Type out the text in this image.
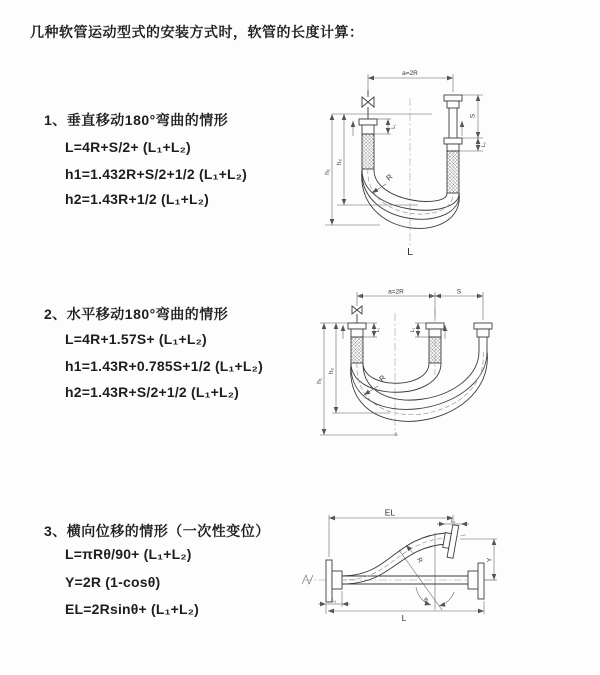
几种软管运动型式的安装方式时，软管的长度计算：
1、垂直移动180°弯曲的情形
L=4R+S/2+ (L₁+L₂)
h1=1.432R+S/2+1/2 (L₁+L₂)
h2=1.43R+1/2 (L₁+L₂)
2、水平移动180°弯曲的情形
L=4R+1.57S+ (L₁+L₂)
h1=1.43R+0.785S+1/2 (L₁+L₂)
h2=1.43R+S/2+1/2 (L₁+L₂)
3、横向位移的情形（一次性变位）
L=πRθ/90+ (L₁+L₂)
Y=2R (1-cosθ)
EL=2Rsinθ+ (L₁+L₂)
a=2R
h₁
h₂
L₁
S
L₂
R
L
a=2R	S
L₁	L₂
h₁
h₂
R
θ
EL
L₂
Y
L
L₁
R
